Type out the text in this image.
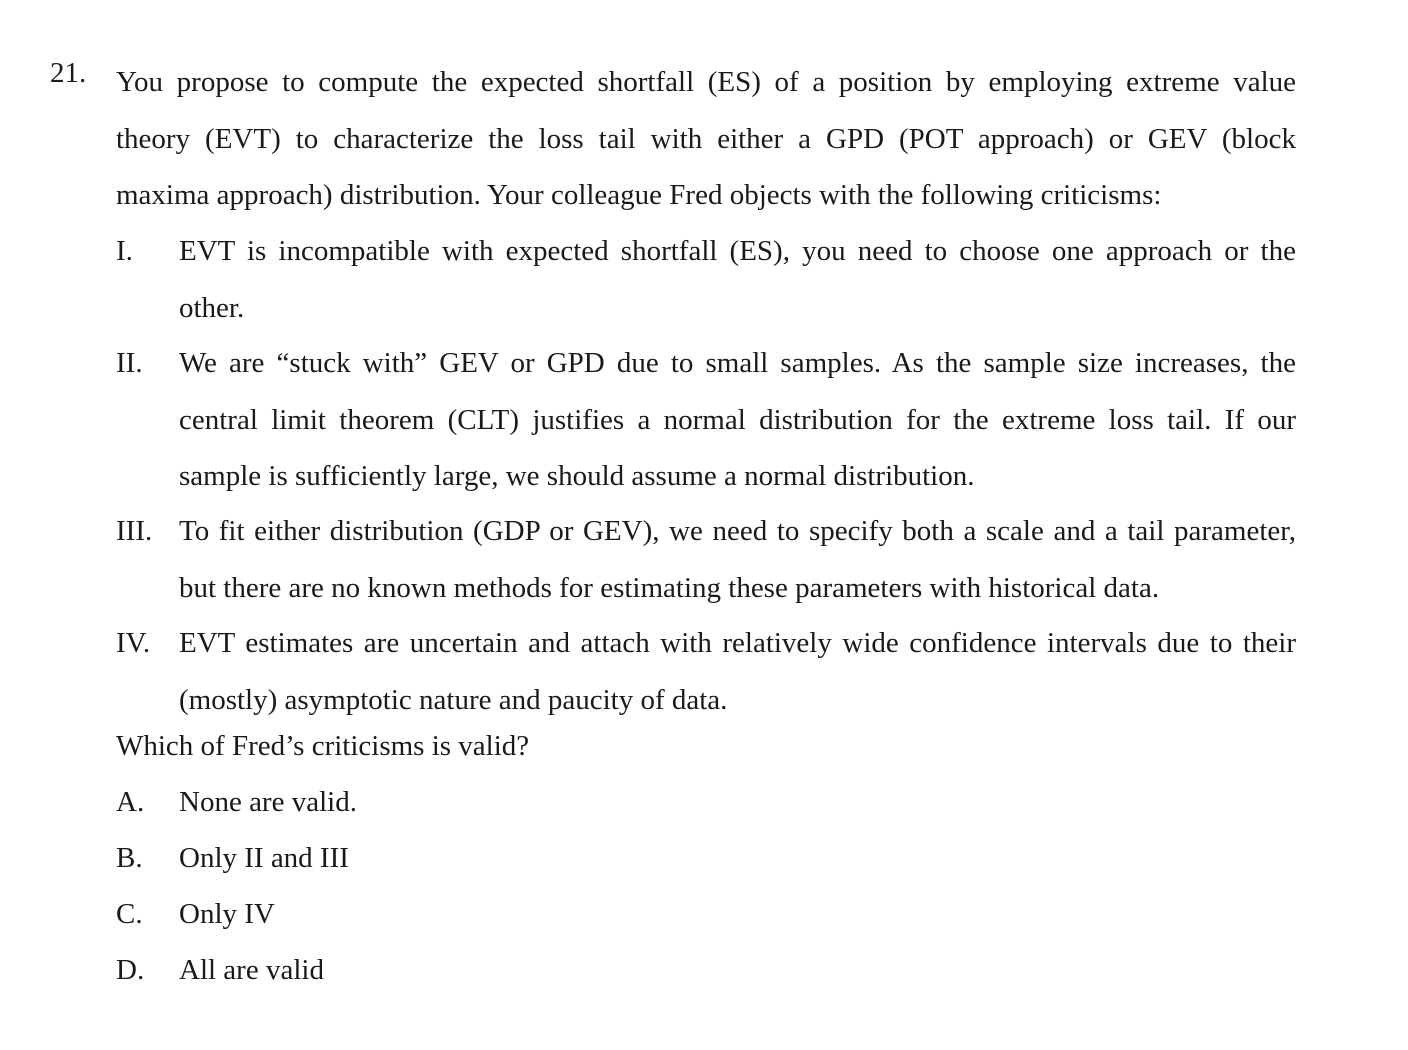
21. You propose to compute the expected shortfall (ES) of a position by employing extreme value
theory (EVT) to characterize the loss tail with either a GPD (POT approach) or GEV (block
maxima approach) distribution. Your colleague Fred objects with the following criticisms:
I. EVT is incompatible with expected shortfall (ES), you need to choose one approach or the
other.
II. We are “stuck with” GEV or GPD due to small samples. As the sample size increases, the
central limit theorem (CLT) justifies a normal distribution for the extreme loss tail. If our
sample is sufficiently large, we should assume a normal distribution.
III. To fit either distribution (GDP or GEV), we need to specify both a scale and a tail parameter,
but there are no known methods for estimating these parameters with historical data.
IV. EVT estimates are uncertain and attach with relatively wide confidence intervals due to their
(mostly) asymptotic nature and paucity of data.
Which of Fred’s criticisms is valid?
A. None are valid.
B. Only II and III
C. Only IV
D. All are valid
